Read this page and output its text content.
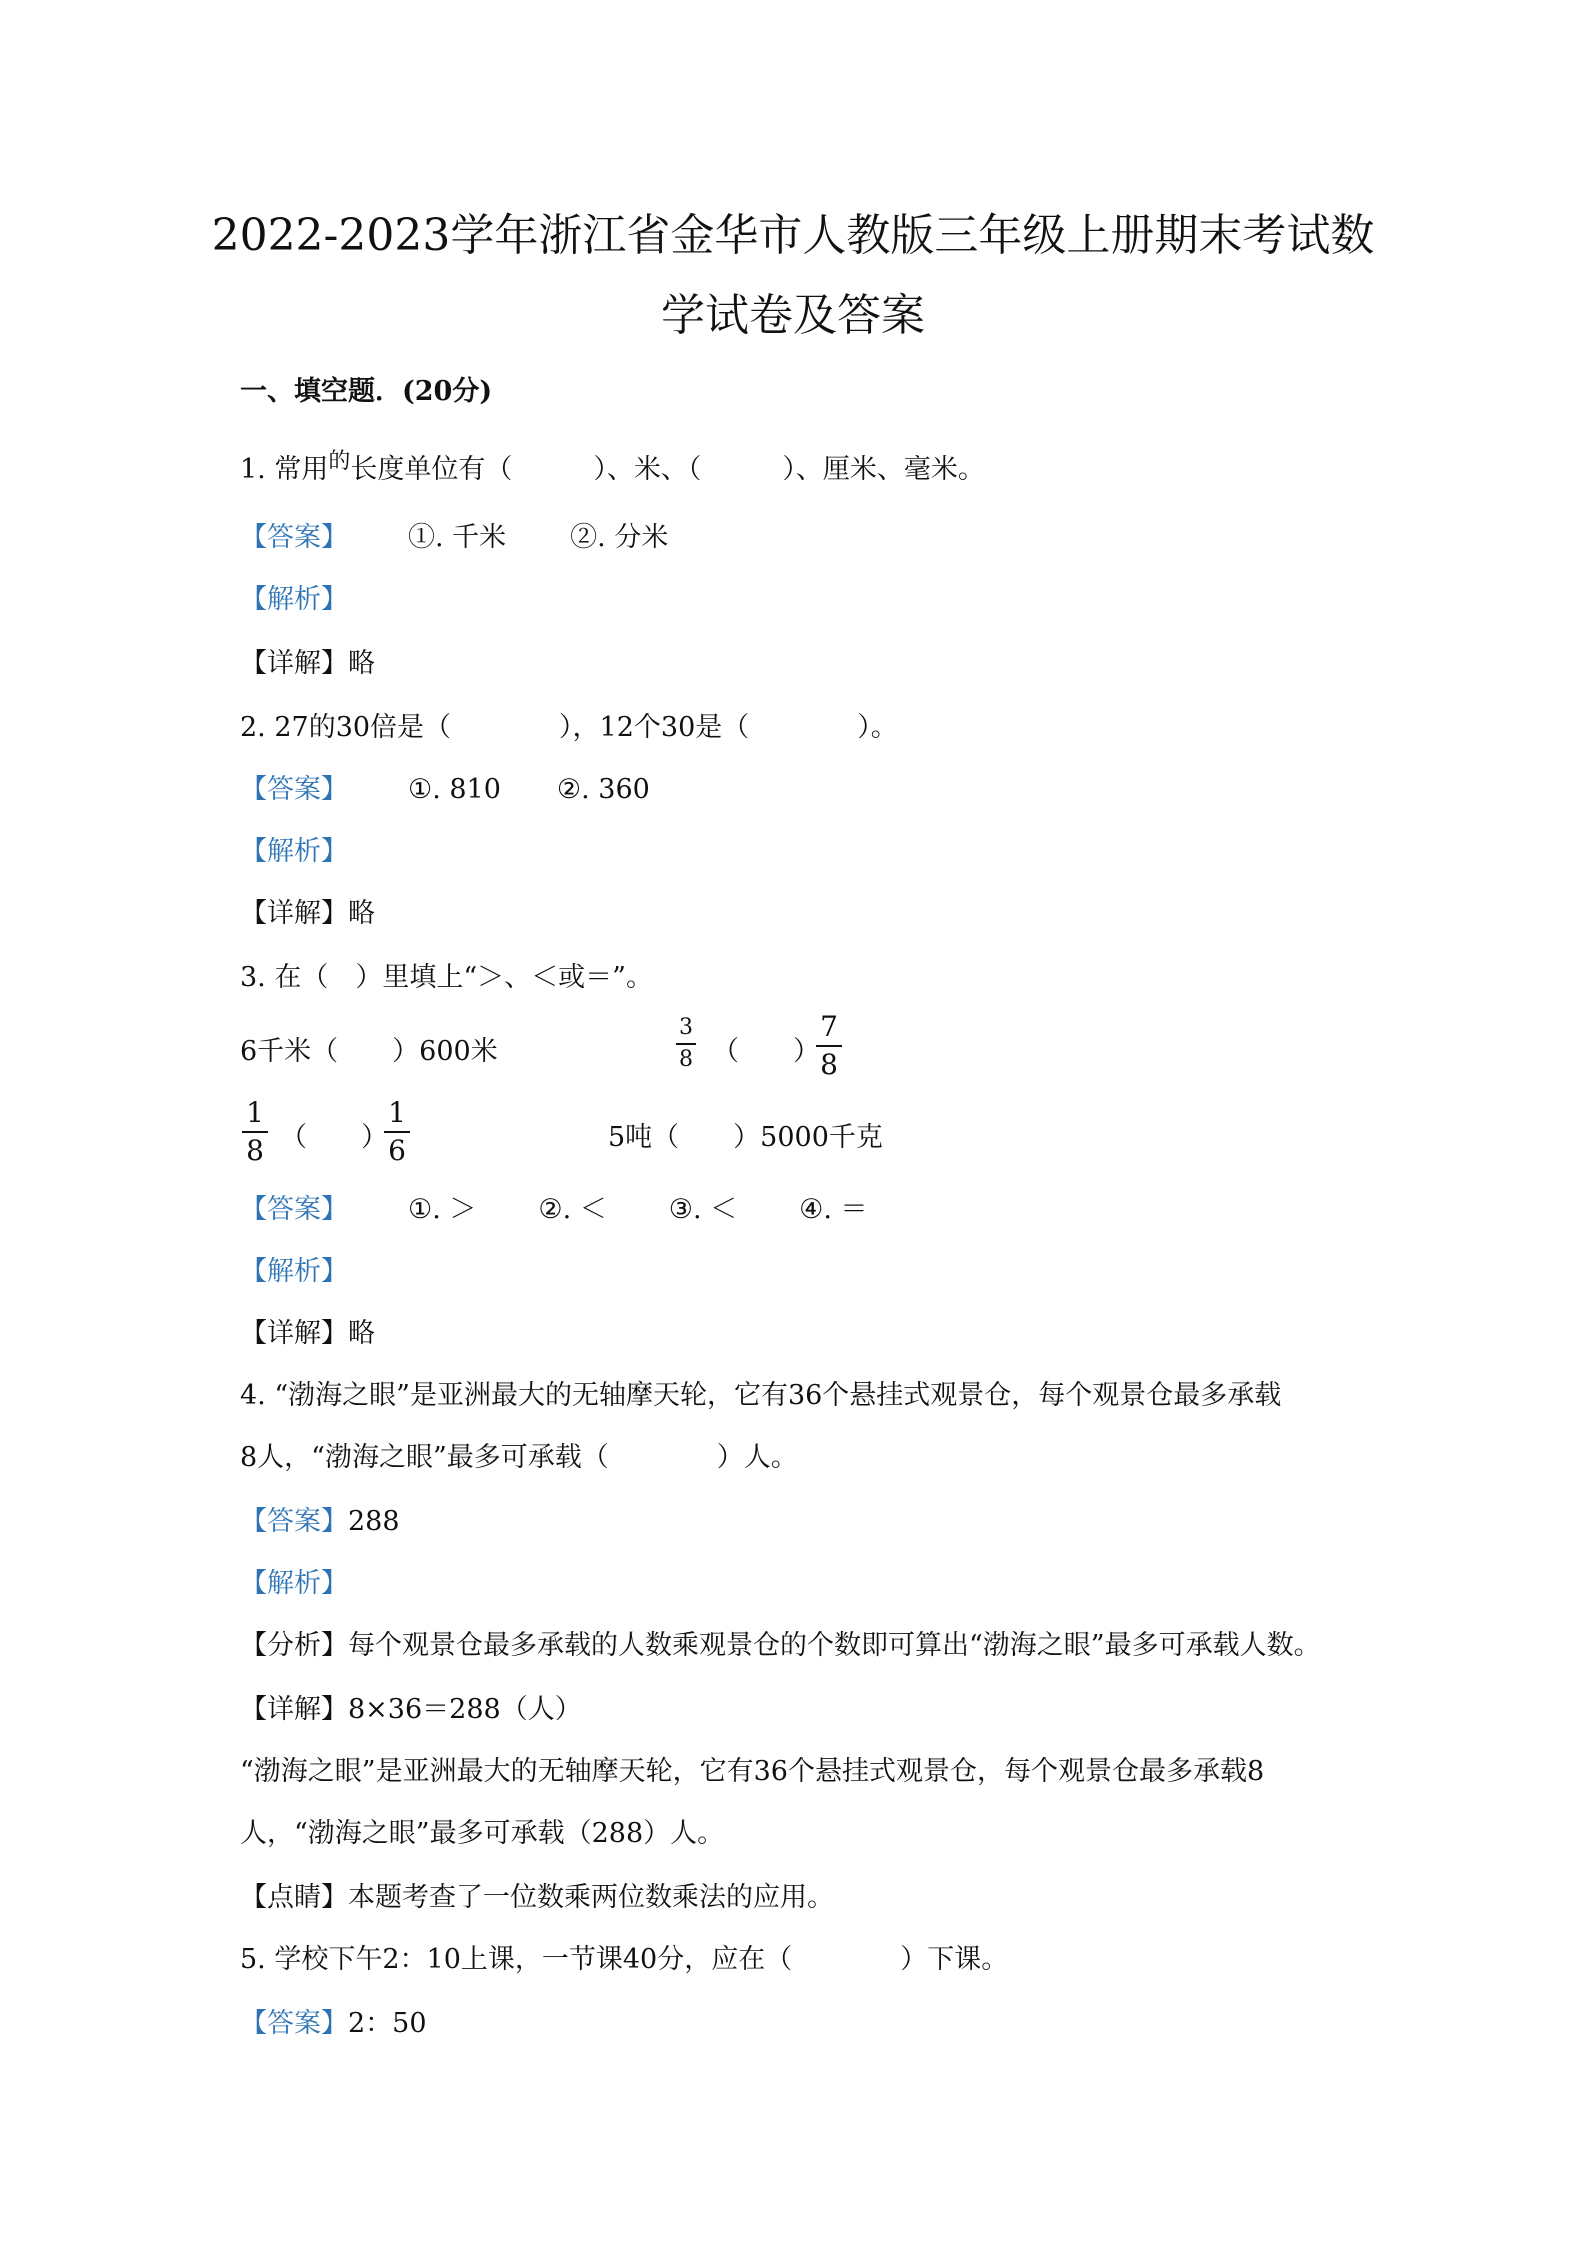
2022-2023学年浙江省金华市人教版三年级上册期末考试数
学试卷及答案
一、填空题．(20分)
1. 常用$^的$长度单位有（　　　）、米、（　　　）、厘米、毫米。
【答案】 ①. 千米 ②. 分米
【解析】
【详解】略
2. 27的30倍是（　　　　），12个30是（　　　　）。
【答案】 ①. 810 ②. 360
【解析】
【详解】略
3. 在（　）里填上“＞、＜或＝”。
6千米（　　）600米
3
8 （　　）
7
8
1
8 （　　）
1
6	5吨（　　）5000千克
【答案】 ①. ＞ ②. ＜ ③. ＜ ④. ＝
【解析】
【详解】略
4. “渤海之眼”是亚洲最大的无轴摩天轮，它有36个悬挂式观景仓，每个观景仓最多承载
8人，“渤海之眼”最多可承载（　　　　）人。
【答案】288
【解析】
【分析】每个观景仓最多承载的人数乘观景仓的个数即可算出“渤海之眼”最多可承载人数。
【详解】8×36＝288（人）
“渤海之眼”是亚洲最大的无轴摩天轮，它有36个悬挂式观景仓，每个观景仓最多承载8
人，“渤海之眼”最多可承载（288）人。
【点睛】本题考查了一位数乘两位数乘法的应用。
5. 学校下午2：10上课，一节课40分，应在（　　　　）下课。
【答案】2：50
